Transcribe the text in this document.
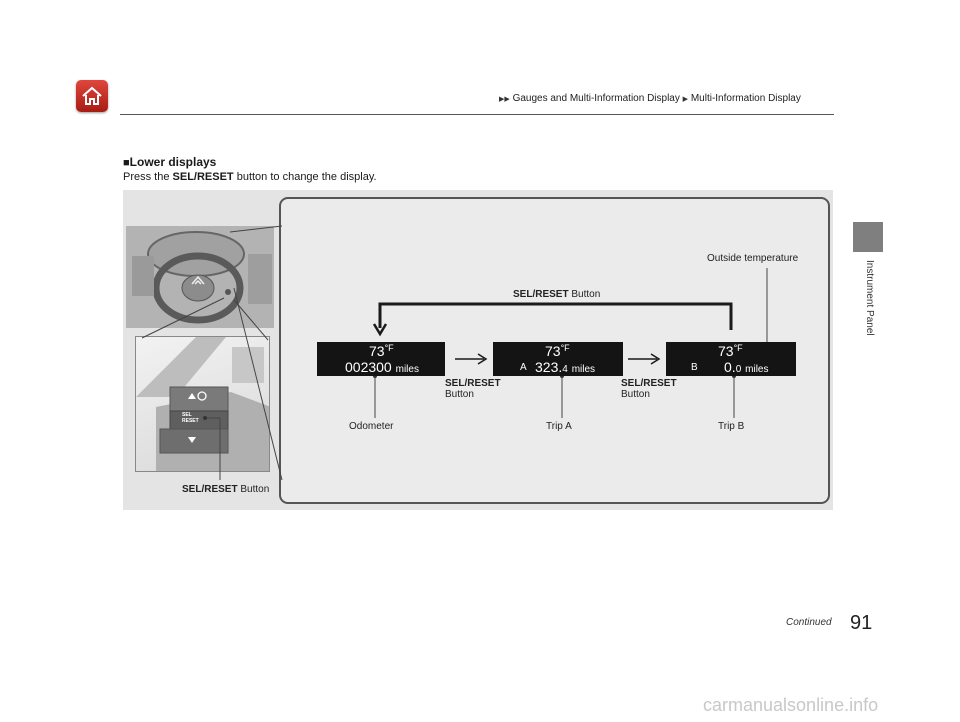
▶▶ Gauges and Multi-Information Display ▶ Multi-Information Display
Instrument Panel
■Lower displays
Press the SEL/RESET button to change the display.
SEL
RESET
$73^{^\circ F}$
002300 miles
$73^{^\circ F}$
A 323.4 miles
$73^{^\circ F}$
B 0.0 miles
Outside temperature
SEL/RESET Button
SEL/RESET
Button
SEL/RESET
Button
Odometer	Trip A	Trip B
SEL/RESET Button
Continued 91
carmanualsonline.info
